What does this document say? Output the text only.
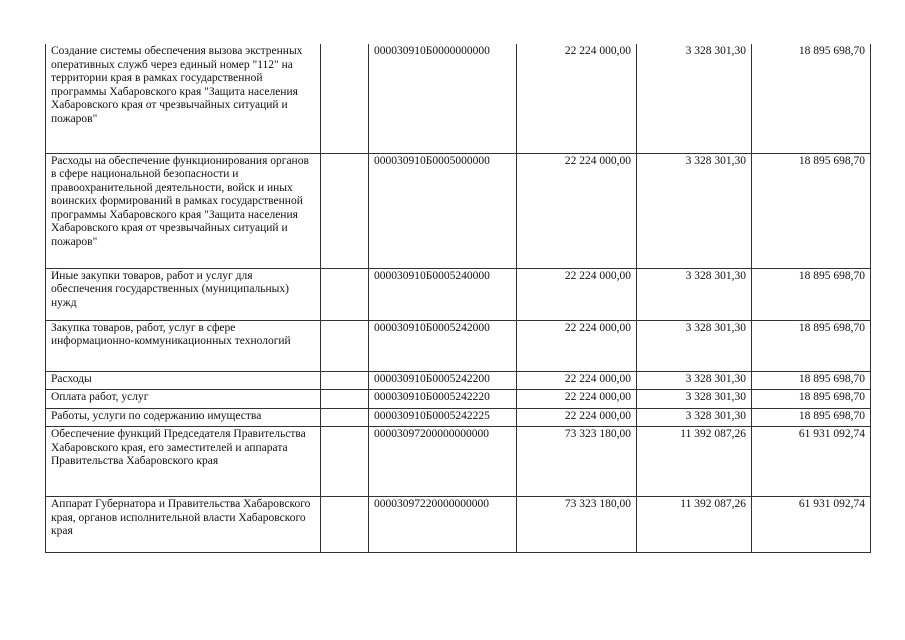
Создание системы обеспечения вызова экстренных оперативных служб через единый номер "112" на территории края в рамках государственной программы Хабаровского края "Защита населения Хабаровского края от чрезвычайных ситуаций и пожаров"		000030910Б0000000000	22 224 000,00	3 328 301,30	18 895 698,70
Расходы на обеспечение функционирования органов в сфере национальной безопасности и правоохранительной деятельности, войск и иных воинских формирований в рамках государственной программы Хабаровского края "Защита населения Хабаровского края от чрезвычайных ситуаций и пожаров"		000030910Б0005000000	22 224 000,00	3 328 301,30	18 895 698,70
Иные закупки товаров, работ и услуг для обеспечения государственных (муниципальных) нужд		000030910Б0005240000	22 224 000,00	3 328 301,30	18 895 698,70
Закупка товаров, работ, услуг в сфере информационно-коммуникационных технологий		000030910Б0005242000	22 224 000,00	3 328 301,30	18 895 698,70
Расходы		000030910Б0005242200	22 224 000,00	3 328 301,30	18 895 698,70
Оплата работ, услуг		000030910Б0005242220	22 224 000,00	3 328 301,30	18 895 698,70
Работы, услуги по содержанию имущества		000030910Б0005242225	22 224 000,00	3 328 301,30	18 895 698,70
Обеспечение функций Председателя Правительства Хабаровского края, его заместителей и аппарата Правительства Хабаровского края		00003097200000000000	73 323 180,00	11 392 087,26	61 931 092,74
Аппарат Губернатора и Правительства Хабаровского края, органов исполнительной власти Хабаровского края		00003097220000000000	73 323 180,00	11 392 087,26	61 931 092,74
